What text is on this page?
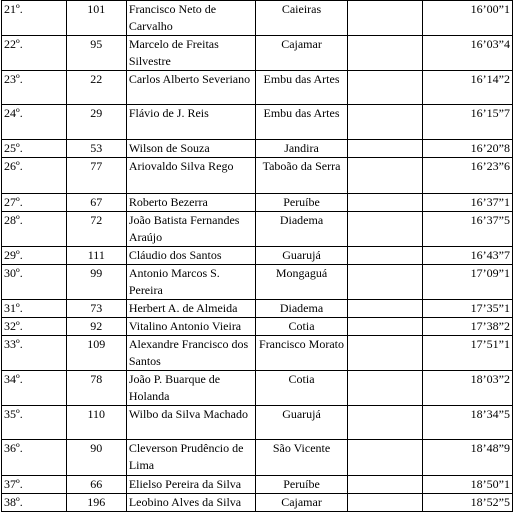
21º.	101	Francisco Neto de Carvalho	Caieiras		16’00”1
22º.	95	Marcelo de Freitas Silvestre	Cajamar		16’03”4
23º.	22	Carlos Alberto Severiano	Embu das Artes		16’14”2
24º.	29	Flávio de J. Reis	Embu das Artes		16’15”7
25º.	53	Wilson de Souza	Jandira		16’20”8
26º.	77	Ariovaldo Silva Rego	Taboão da Serra		16’23”6
27º.	67	Roberto Bezerra	Peruíbe		16’37”1
28º.	72	João Batista Fernandes Araújo	Diadema		16’37”5
29º.	111	Cláudio dos Santos	Guarujá		16’43”7
30º.	99	Antonio Marcos S. Pereira	Mongaguá		17’09”1
31º.	73	Herbert A. de Almeida	Diadema		17’35”1
32º.	92	Vitalino Antonio Vieira	Cotia		17’38”2
33º.	109	Alexandre Francisco dos Santos	Francisco Morato		17’51”1
34º.	78	João P. Buarque de Holanda	Cotia		18’03”2
35º.	110	Wilbo da Silva Machado	Guarujá		18’34”5
36º.	90	Cleverson Prudêncio de Lima	São Vicente		18’48”9
37º.	66	Elielso Pereira da Silva	Peruíbe		18’50”1
38º.	196	Leobino Alves da Silva	Cajamar		18’52”5
